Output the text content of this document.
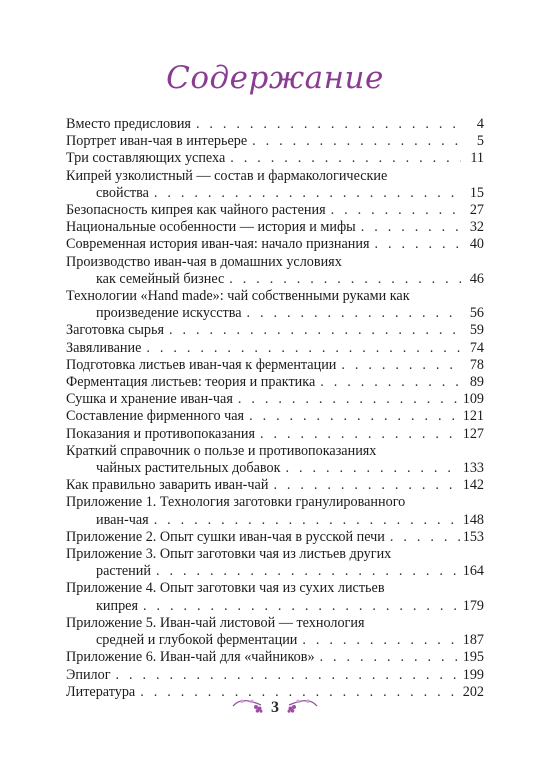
Содержание
Вместо предисловия . . .	4
Портрет иван-чая в интерьере . . .	5
Три составляющих успеха . . .	11
Кипрей узколистный — состав и фармакологические
свойства . . .	15
Безопасность кипрея как чайного растения . . .	27
Национальные особенности — история и мифы . . .	32
Современная история иван-чая: начало признания . . .	40
Производство иван-чая в домашних условиях
как семейный бизнес . . .	46
Технологии «Hand made»: чай собственными руками как
произведение искусства . . .	56
Заготовка сырья . . .	59
Завяливание . . .	74
Подготовка листьев иван-чая к ферментации . . .	78
Ферментация листьев: теория и практика . . .	89
Сушка и хранение иван-чая . . .	109
Составление фирменного чая . . .	121
Показания и противопоказания . . .	127
Краткий справочник о пользе и противопоказаниях
чайных растительных добавок . . .	133
Как правильно заварить иван-чай . . .	142
Приложение 1. Технология заготовки гранулированного
иван-чая . . .	148
Приложение 2. Опыт сушки иван-чая в русской печи . . .	153
Приложение 3. Опыт заготовки чая из листьев других
растений . . .	164
Приложение 4. Опыт заготовки чая из сухих листьев
кипрея . . .	179
Приложение 5. Иван-чай листовой — технология
средней и глубокой ферментации . . .	187
Приложение 6. Иван-чай для «чайников» . . .	195
Эпилог . . .	199
Литература . . .	202
3
